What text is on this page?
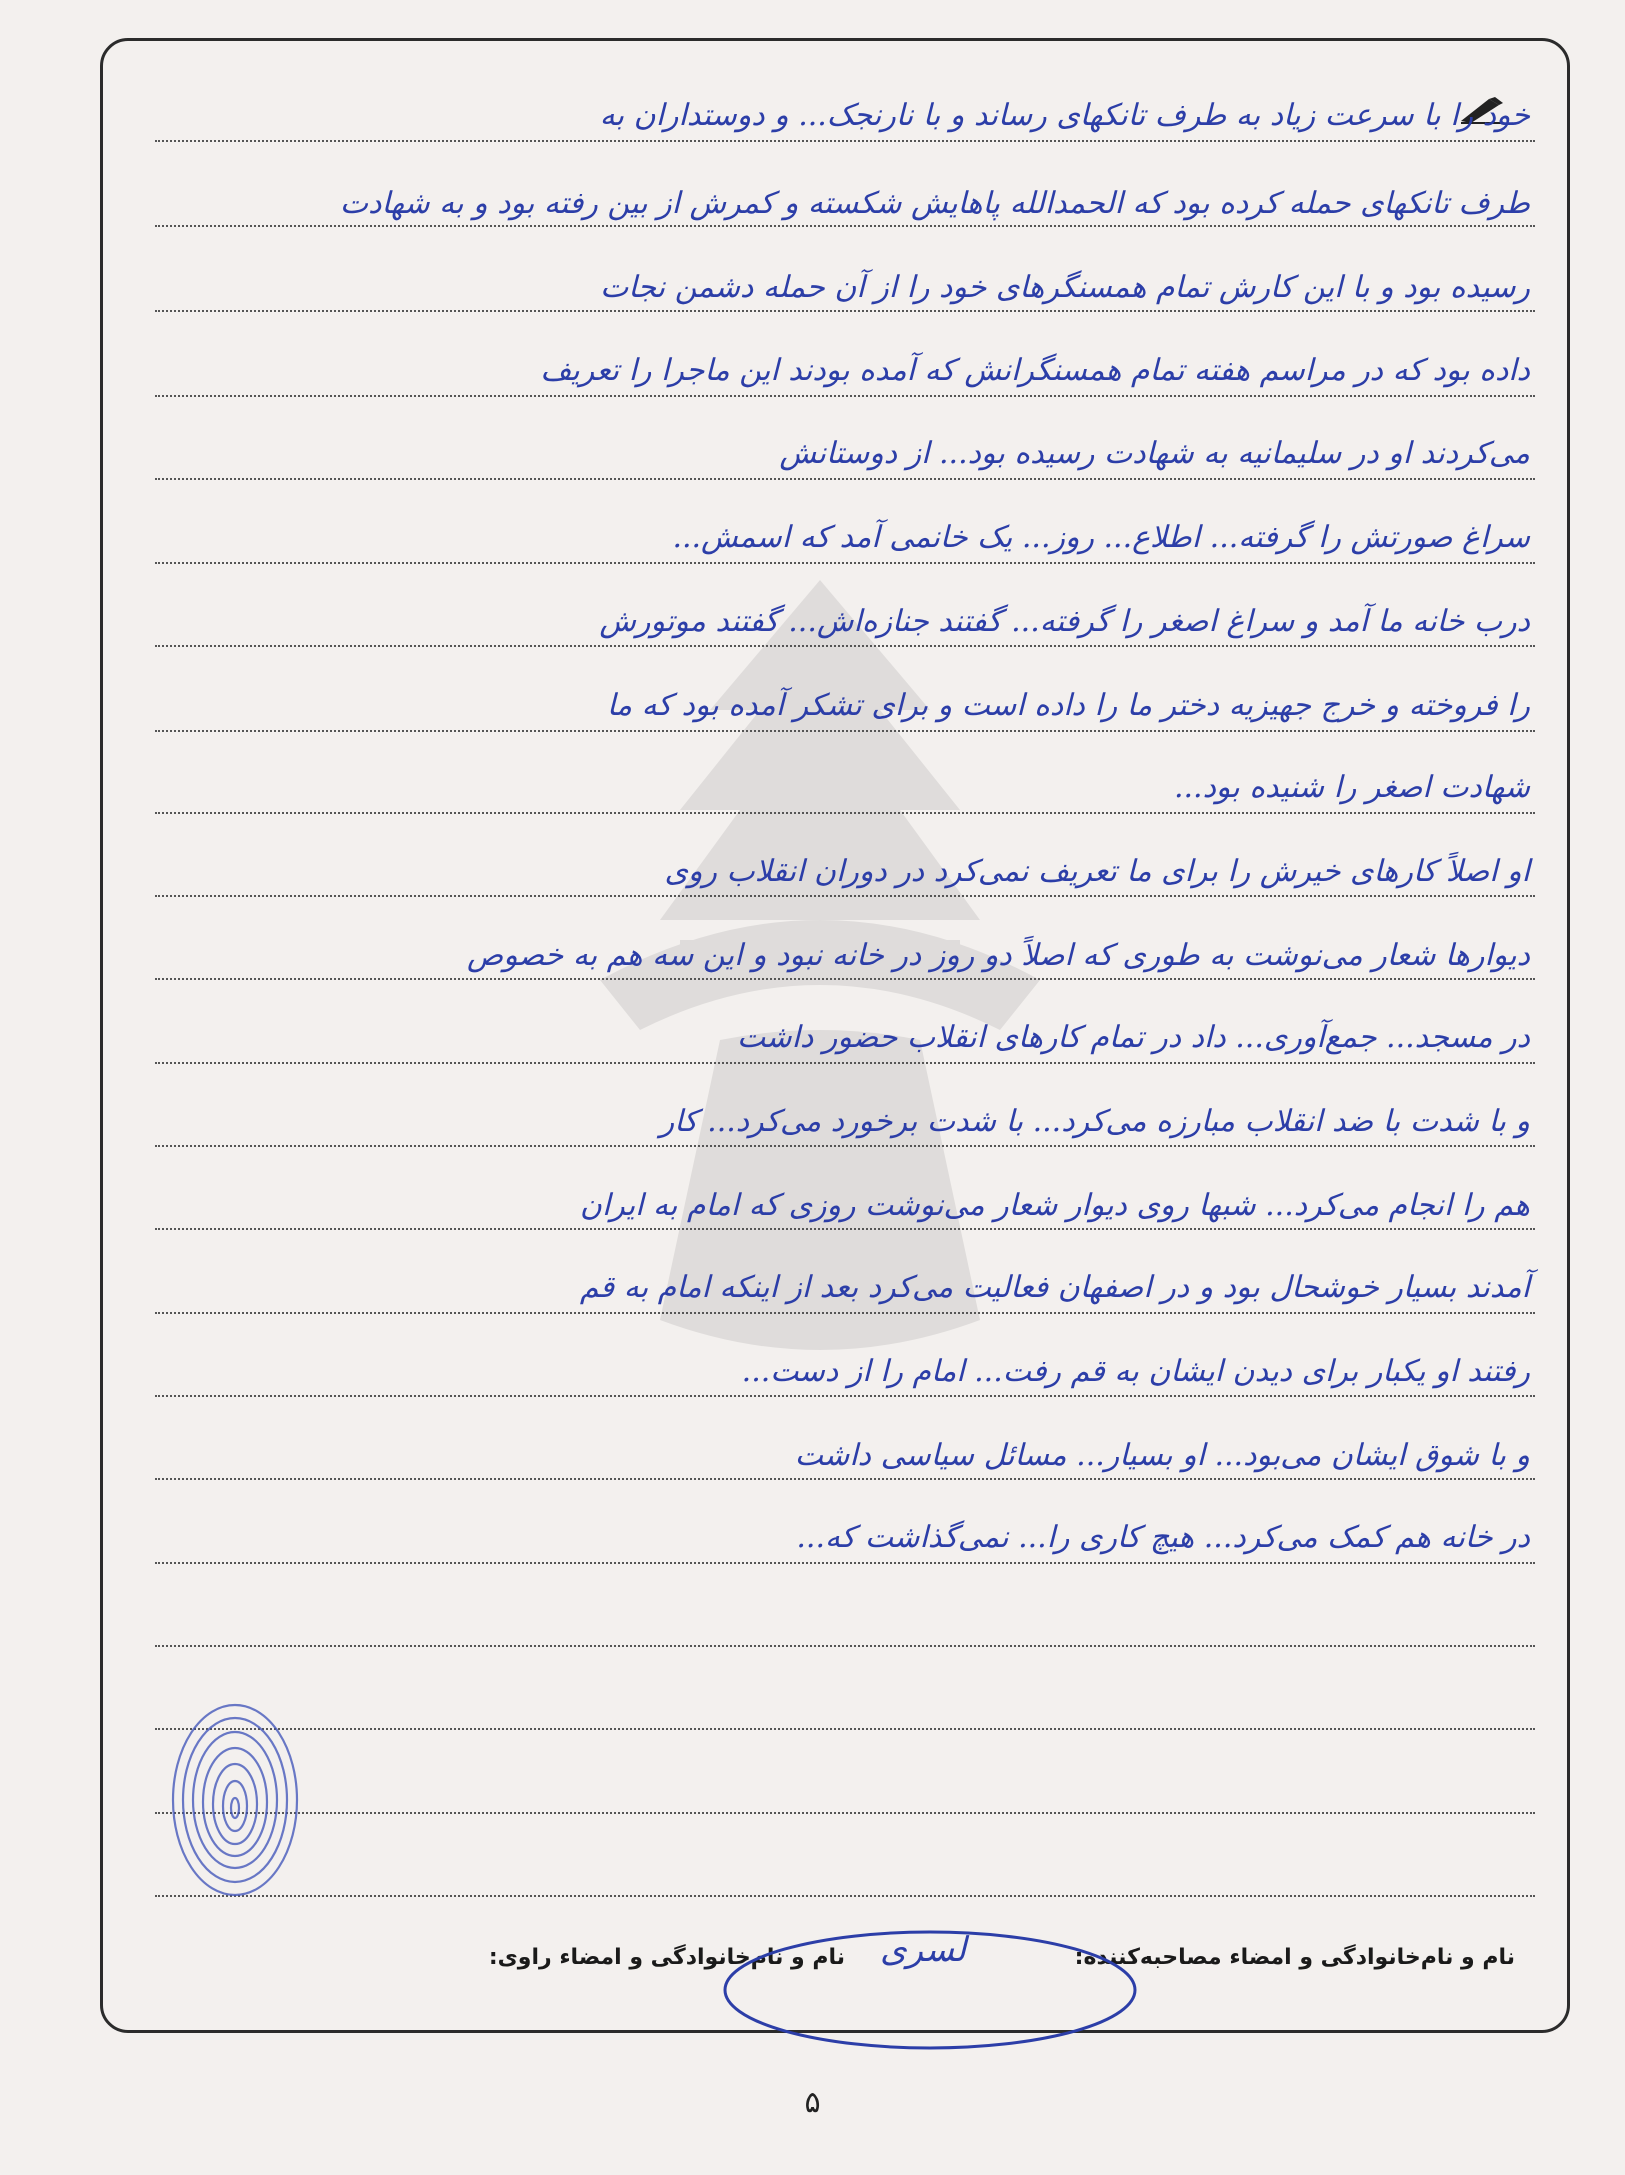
خود را با سرعت زیاد به طرف تانکهای رساند و با نارنجک... و دوستداران به
طرف تانکهای حمله کرده بود که الحمدالله پاهایش شکسته و کمرش از بین رفته بود و به شهادت
رسیده بود و با این کارش تمام همسنگرهای خود را از آن حمله دشمن نجات
داده بود که در مراسم هفته تمام همسنگرانش که آمده بودند این ماجرا را تعریف
می‌کردند او در سلیمانیه به شهادت رسیده بود... از دوستانش
سراغ صورتش را گرفته... اطلاع... روز... یک خانمی آمد که اسمش...
درب خانه ما آمد و سراغ اصغر را گرفته... گفتند جنازه‌اش... گفتند موتورش
را فروخته و خرج جهیزیه دختر ما را داده است و برای تشکر آمده بود که ما
شهادت اصغر را شنیده بود...
او اصلاً کارهای خیرش را برای ما تعریف نمی‌کرد در دوران انقلاب روی
دیوارها شعار می‌نوشت به طوری که اصلاً دو روز در خانه نبود و این سه هم به خصوص
در مسجد... جمع‌آوری... داد در تمام کارهای انقلاب حضور داشت
و با شدت با ضد انقلاب مبارزه می‌کرد... با شدت برخورد می‌کرد... کار
هم را انجام می‌کرد... شبها روی دیوار شعار می‌نوشت روزی که امام به ایران
آمدند بسیار خوشحال بود و در اصفهان فعالیت می‌کرد بعد از اینکه امام به قم
رفتند او یکبار برای دیدن ایشان به قم رفت... امام را از دست...
و با شوق ایشان می‌بود... او بسیار... مسائل سیاسی داشت
در خانه هم کمک می‌کرد... هیچ کاری را... نمی‌گذاشت که...
نام و نام‌خانوادگی و امضاء مصاحبه‌کننده:
نام و نام‌خانوادگی و امضاء راوی: لسری
۵
